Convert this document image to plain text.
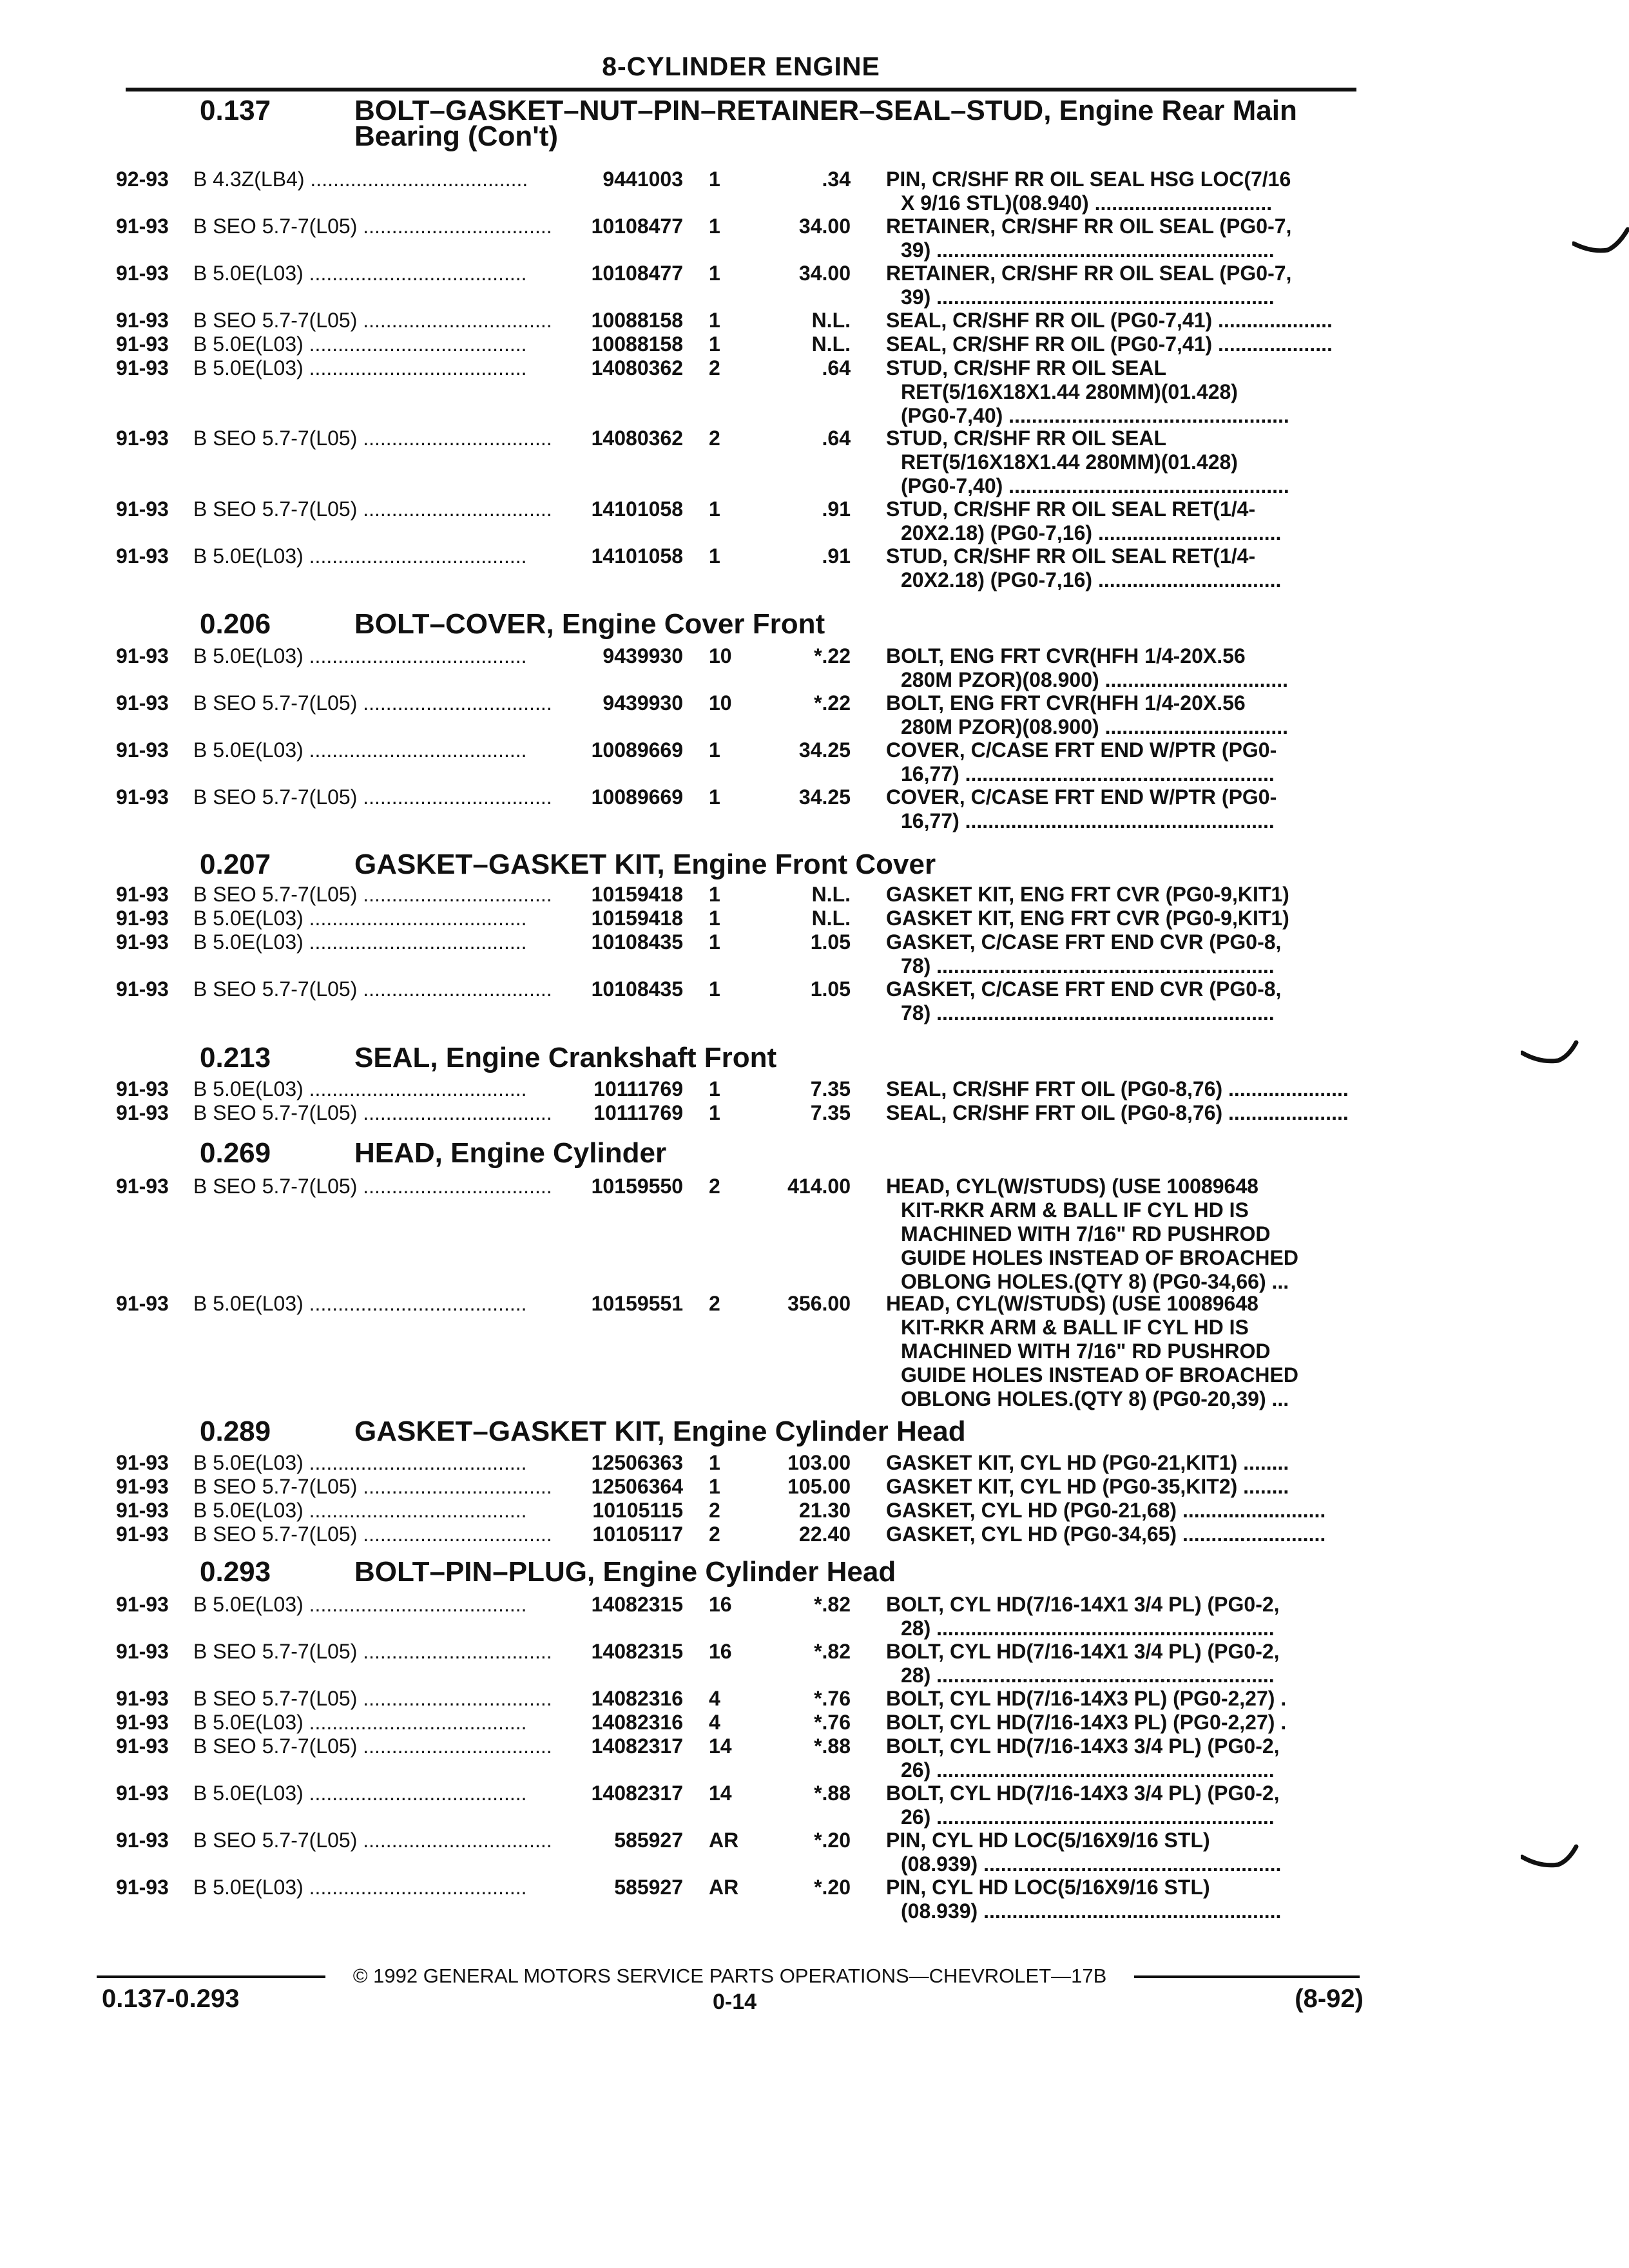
8-CYLINDER ENGINE
0.137	BOLT–GASKET–NUT–PIN–RETAINER–SEAL–STUD, Engine Rear Main
Bearing (Con't)
92-93 B 4.3Z(LB4) ......................................	9441003 1	.34 PIN, CR/SHF RR OIL SEAL HSG LOC(7/16
X 9/16 STL)(08.940) ...............................
91-93 B SEO 5.7-7(L05) .................................	10108477 1	34.00 RETAINER, CR/SHF RR OIL SEAL (PG0-7,
39) ...........................................................
91-93 B 5.0E(L03) ......................................	10108477 1	34.00 RETAINER, CR/SHF RR OIL SEAL (PG0-7,
39) ...........................................................
91-93 B SEO 5.7-7(L05) .................................	10088158 1	N.L. SEAL, CR/SHF RR OIL (PG0-7,41) ....................
91-93 B 5.0E(L03) ......................................	10088158 1	N.L. SEAL, CR/SHF RR OIL (PG0-7,41) ....................
91-93 B 5.0E(L03) ......................................	14080362 2	.64 STUD, CR/SHF RR OIL SEAL
RET(5/16X18X1.44 280MM)(01.428)
(PG0-7,40) .................................................
91-93 B SEO 5.7-7(L05) .................................	14080362 2	.64 STUD, CR/SHF RR OIL SEAL
RET(5/16X18X1.44 280MM)(01.428)
(PG0-7,40) .................................................
91-93 B SEO 5.7-7(L05) .................................	14101058 1	.91 STUD, CR/SHF RR OIL SEAL RET(1/4-
20X2.18) (PG0-7,16) ................................
91-93 B 5.0E(L03) ......................................	14101058 1	.91 STUD, CR/SHF RR OIL SEAL RET(1/4-
20X2.18) (PG0-7,16) ................................
0.206	BOLT–COVER, Engine Cover Front
91-93 B 5.0E(L03) ......................................	9439930 10	*.22 BOLT, ENG FRT CVR(HFH 1/4-20X.56
280M PZOR)(08.900) ................................
91-93 B SEO 5.7-7(L05) .................................	9439930 10	*.22 BOLT, ENG FRT CVR(HFH 1/4-20X.56
280M PZOR)(08.900) ................................
91-93 B 5.0E(L03) ......................................	10089669 1	34.25 COVER, C/CASE FRT END W/PTR (PG0-
16,77) ......................................................
91-93 B SEO 5.7-7(L05) .................................	10089669 1	34.25 COVER, C/CASE FRT END W/PTR (PG0-
16,77) ......................................................
0.207	GASKET–GASKET KIT, Engine Front Cover
91-93 B SEO 5.7-7(L05) .................................	10159418 1	N.L. GASKET KIT, ENG FRT CVR (PG0-9,KIT1)
91-93 B 5.0E(L03) ......................................	10159418 1	N.L. GASKET KIT, ENG FRT CVR (PG0-9,KIT1)
91-93 B 5.0E(L03) ......................................	10108435 1	1.05 GASKET, C/CASE FRT END CVR (PG0-8,
78) ...........................................................
91-93 B SEO 5.7-7(L05) .................................	10108435 1	1.05 GASKET, C/CASE FRT END CVR (PG0-8,
78) ...........................................................
0.213	SEAL, Engine Crankshaft Front
91-93 B 5.0E(L03) ......................................	10111769 1	7.35 SEAL, CR/SHF FRT OIL (PG0-8,76) .....................
91-93 B SEO 5.7-7(L05) .................................	10111769 1	7.35 SEAL, CR/SHF FRT OIL (PG0-8,76) .....................
0.269	HEAD, Engine Cylinder
91-93 B SEO 5.7-7(L05) .................................	10159550 2	414.00 HEAD, CYL(W/STUDS) (USE 10089648
KIT-RKR ARM & BALL IF CYL HD IS
MACHINED WITH 7/16" RD PUSHROD
GUIDE HOLES INSTEAD OF BROACHED
OBLONG HOLES.(QTY 8) (PG0-34,66) ...
91-93 B 5.0E(L03) ......................................	10159551 2	356.00 HEAD, CYL(W/STUDS) (USE 10089648
KIT-RKR ARM & BALL IF CYL HD IS
MACHINED WITH 7/16" RD PUSHROD
GUIDE HOLES INSTEAD OF BROACHED
OBLONG HOLES.(QTY 8) (PG0-20,39) ...
0.289	GASKET–GASKET KIT, Engine Cylinder Head
91-93 B 5.0E(L03) ......................................	12506363 1	103.00 GASKET KIT, CYL HD (PG0-21,KIT1) ........
91-93 B SEO 5.7-7(L05) .................................	12506364 1	105.00 GASKET KIT, CYL HD (PG0-35,KIT2) ........
91-93 B 5.0E(L03) ......................................	10105115 2	21.30 GASKET, CYL HD (PG0-21,68) .........................
91-93 B SEO 5.7-7(L05) .................................	10105117 2	22.40 GASKET, CYL HD (PG0-34,65) .........................
0.293	BOLT–PIN–PLUG, Engine Cylinder Head
91-93 B 5.0E(L03) ......................................	14082315 16	*.82 BOLT, CYL HD(7/16-14X1 3/4 PL) (PG0-2,
28) ...........................................................
91-93 B SEO 5.7-7(L05) .................................	14082315 16	*.82 BOLT, CYL HD(7/16-14X1 3/4 PL) (PG0-2,
28) ...........................................................
91-93 B SEO 5.7-7(L05) .................................	14082316 4	*.76 BOLT, CYL HD(7/16-14X3 PL) (PG0-2,27) .
91-93 B 5.0E(L03) ......................................	14082316 4	*.76 BOLT, CYL HD(7/16-14X3 PL) (PG0-2,27) .
91-93 B SEO 5.7-7(L05) .................................	14082317 14	*.88 BOLT, CYL HD(7/16-14X3 3/4 PL) (PG0-2,
26) ...........................................................
91-93 B 5.0E(L03) ......................................	14082317 14	*.88 BOLT, CYL HD(7/16-14X3 3/4 PL) (PG0-2,
26) ...........................................................
91-93 B SEO 5.7-7(L05) .................................	585927 AR	*.20 PIN, CYL HD LOC(5/16X9/16 STL)
(08.939) ....................................................
91-93 B 5.0E(L03) ......................................	585927 AR	*.20 PIN, CYL HD LOC(5/16X9/16 STL)
(08.939) ....................................................
© 1992 GENERAL MOTORS SERVICE PARTS OPERATIONS—CHEVROLET—17B
0.137-0.293	0-14	(8-92)
